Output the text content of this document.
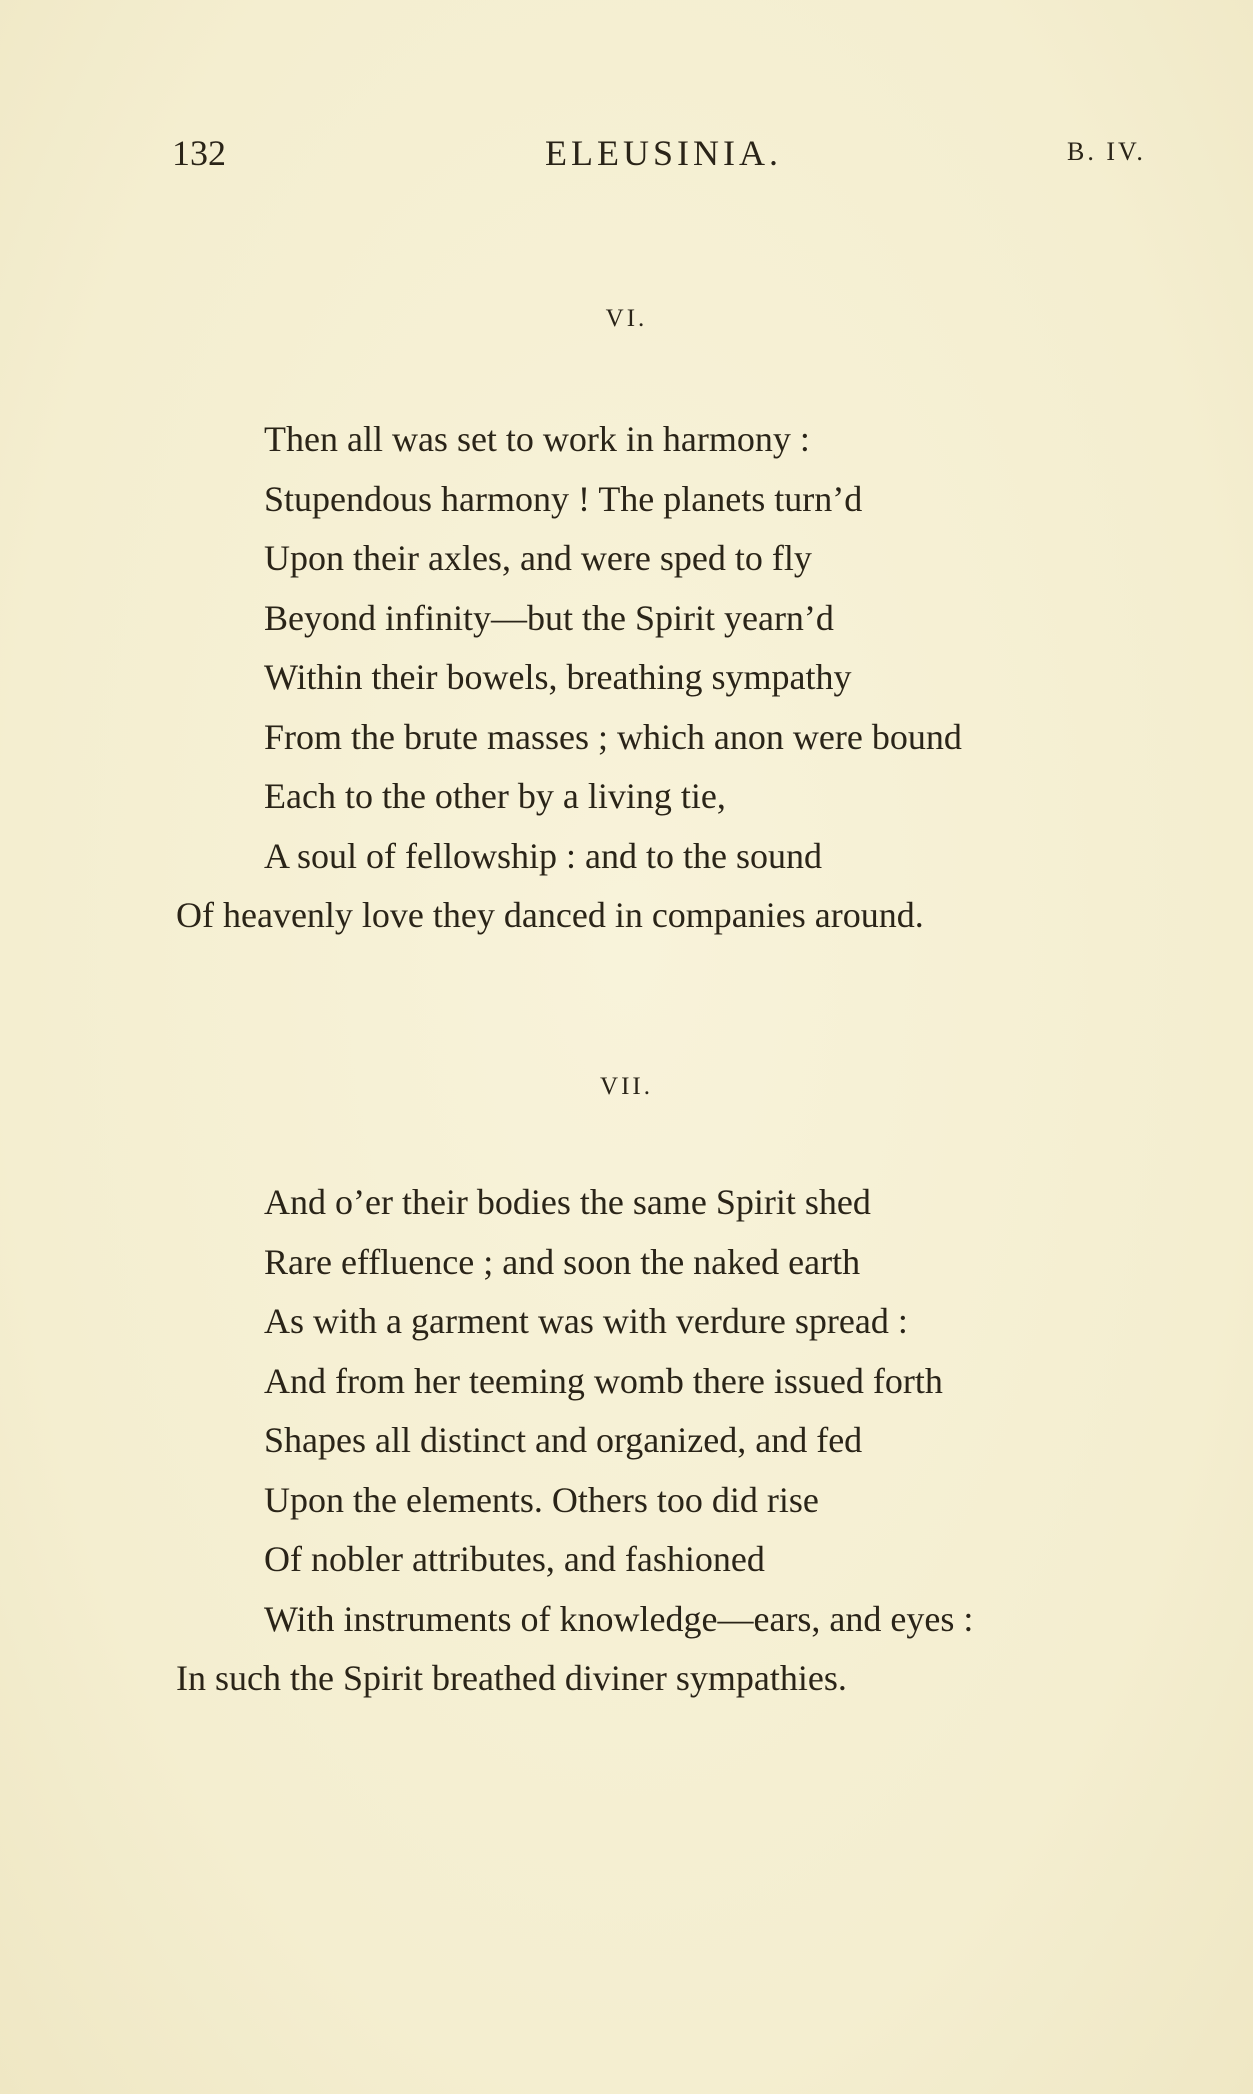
132	ELEUSINIA.	B. IV.
VI.
Then all was set to work in harmony :
Stupendous harmony ! The planets turn’d
Upon their axles, and were sped to fly
Beyond infinity—but the Spirit yearn’d
Within their bowels, breathing sympathy
From the brute masses ; which anon were bound
Each to the other by a living tie,
A soul of fellowship : and to the sound
Of heavenly love they danced in companies around.
VII.
And o’er their bodies the same Spirit shed
Rare effluence ; and soon the naked earth
As with a garment was with verdure spread :
And from her teeming womb there issued forth
Shapes all distinct and organized, and fed
Upon the elements. Others too did rise
Of nobler attributes, and fashioned
With instruments of knowledge—ears, and eyes :
In such the Spirit breathed diviner sympathies.
